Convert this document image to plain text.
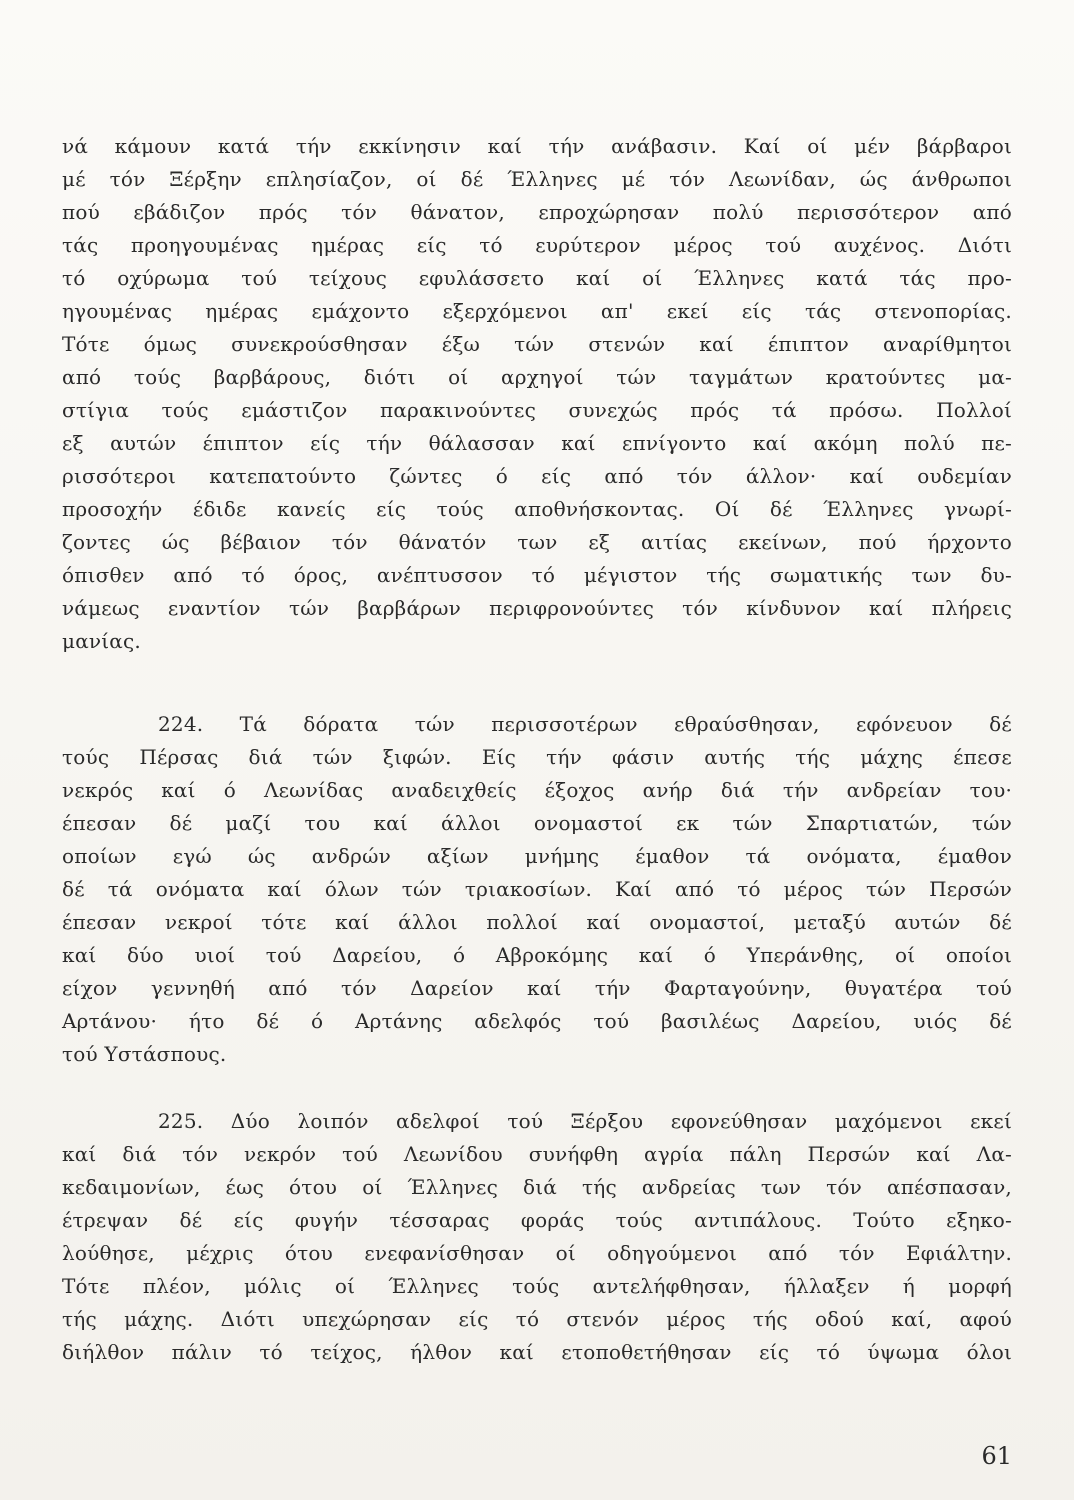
νά κάμουν κατά τήν εκκίνησιν καί τήν ανάβασιν. Καί οί μέν βάρβαροι
μέ τόν Ξέρξην επλησίαζον, οί δέ Έλληνες μέ τόν Λεωνίδαν, ώς άνθρωποι
πού εβάδιζον πρός τόν θάνατον, επροχώρησαν πολύ περισσότερον από
τάς προηγουμένας ημέρας είς τό ευρύτερον μέρος τού αυχένος. Διότι
τό οχύρωμα τού τείχους εφυλάσσετο καί οί Έλληνες κατά τάς προ-
ηγουμένας ημέρας εμάχοντο εξερχόμενοι απ' εκεί είς τάς στενοπορίας.
Τότε όμως συνεκρούσθησαν έξω τών στενών καί έπιπτον αναρίθμητοι
από τούς βαρβάρους, διότι οί αρχηγοί τών ταγμάτων κρατούντες μα-
στίγια τούς εμάστιζον παρακινούντες συνεχώς πρός τά πρόσω. Πολλοί
εξ αυτών έπιπτον είς τήν θάλασσαν καί επνίγοντο καί ακόμη πολύ πε-
ρισσότεροι κατεπατούντο ζώντες ό είς από τόν άλλον· καί ουδεμίαν
προσοχήν έδιδε κανείς είς τούς αποθνήσκοντας. Οί δέ Έλληνες γνωρί-
ζοντες ώς βέβαιον τόν θάνατόν των εξ αιτίας εκείνων, πού ήρχοντο
όπισθεν από τό όρος, ανέπτυσσον τό μέγιστον τής σωματικής των δυ-
νάμεως εναντίον τών βαρβάρων περιφρονούντες τόν κίνδυνον καί πλήρεις
μανίας.
224. Τά δόρατα τών περισσοτέρων εθραύσθησαν, εφόνευον δέ
τούς Πέρσας διά τών ξιφών. Είς τήν φάσιν αυτής τής μάχης έπεσε
νεκρός καί ό Λεωνίδας αναδειχθείς έξοχος ανήρ διά τήν ανδρείαν του·
έπεσαν δέ μαζί του καί άλλοι ονομαστοί εκ τών Σπαρτιατών, τών
οποίων εγώ ώς ανδρών αξίων μνήμης έμαθον τά ονόματα, έμαθον
δέ τά ονόματα καί όλων τών τριακοσίων. Καί από τό μέρος τών Περσών
έπεσαν νεκροί τότε καί άλλοι πολλοί καί ονομαστοί, μεταξύ αυτών δέ
καί δύο υιοί τού Δαρείου, ό Αβροκόμης καί ό Υπεράνθης, οί οποίοι
είχον γεννηθή από τόν Δαρείον καί τήν Φαρταγούνην, θυγατέρα τού
Αρτάνου· ήτο δέ ό Αρτάνης αδελφός τού βασιλέως Δαρείου, υιός δέ
τού Υστάσπους.
225. Δύο λοιπόν αδελφοί τού Ξέρξου εφονεύθησαν μαχόμενοι εκεί
καί διά τόν νεκρόν τού Λεωνίδου συνήφθη αγρία πάλη Περσών καί Λα-
κεδαιμονίων, έως ότου οί Έλληνες διά τής ανδρείας των τόν απέσπασαν,
έτρεψαν δέ είς φυγήν τέσσαρας φοράς τούς αντιπάλους. Τούτο εξηκο-
λούθησε, μέχρις ότου ενεφανίσθησαν οί οδηγούμενοι από τόν Εφιάλτην.
Τότε πλέον, μόλις οί Έλληνες τούς αντελήφθησαν, ήλλαξεν ή μορφή
τής μάχης. Διότι υπεχώρησαν είς τό στενόν μέρος τής οδού καί, αφού
διήλθον πάλιν τό τείχος, ήλθον καί ετοποθετήθησαν είς τό ύψωμα όλοι
61
